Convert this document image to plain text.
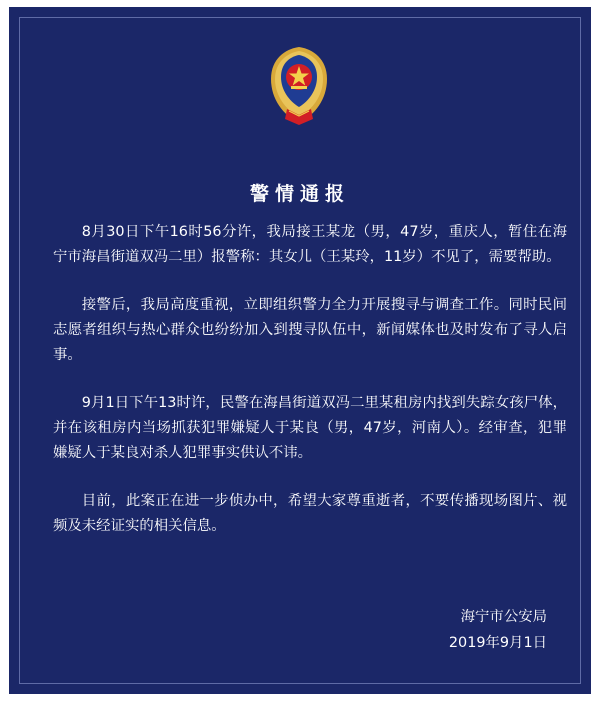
警情通报

8月30日下午16时56分许，我局接王某龙（男，47岁，重庆人，暂住在海宁市海昌街道双冯二里）报警称：其女儿（王某玲，11岁）不见了，需要帮助。

接警后，我局高度重视，立即组织警力全力开展搜寻与调查工作。同时民间志愿者组织与热心群众也纷纷加入到搜寻队伍中，新闻媒体也及时发布了寻人启事。

9月1日下午13时许，民警在海昌街道双冯二里某租房内找到失踪女孩尸体，并在该租房内当场抓获犯罪嫌疑人于某良（男，47岁，河南人）。经审查，犯罪嫌疑人于某良对杀人犯罪事实供认不讳。

目前，此案正在进一步侦办中，希望大家尊重逝者，不要传播现场图片、视频及未经证实的相关信息。

海宁市公安局
2019年9月1日
